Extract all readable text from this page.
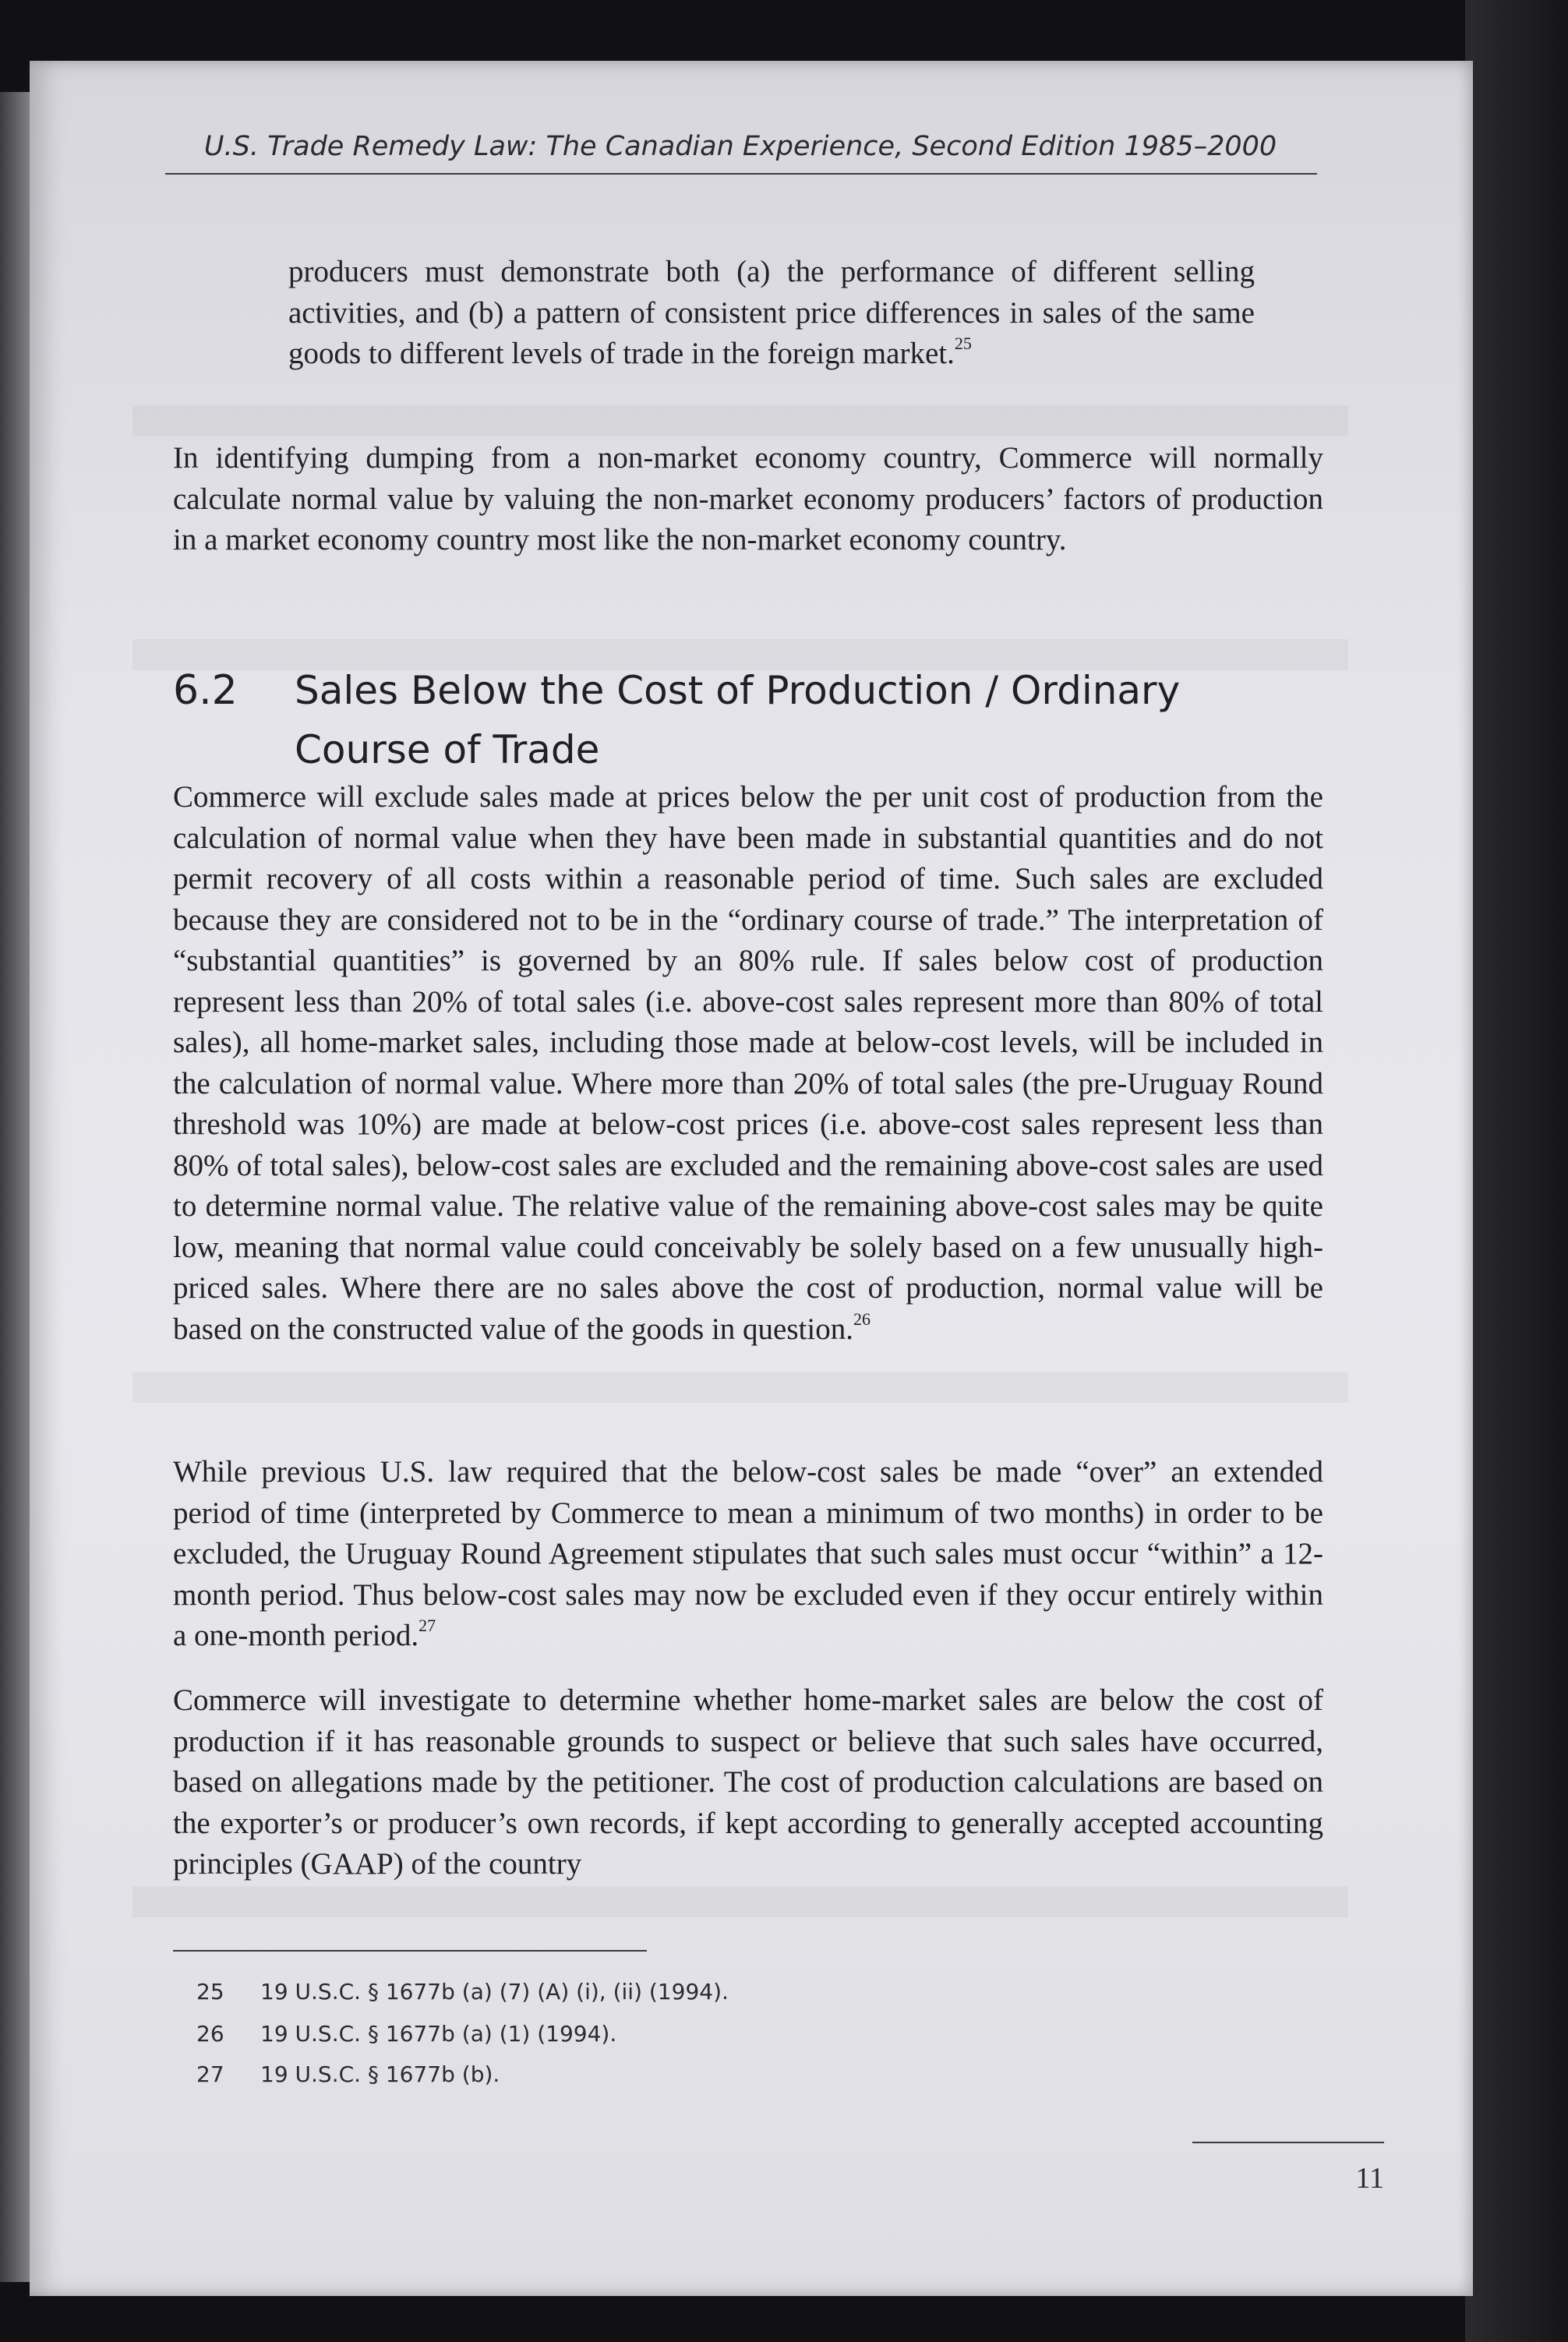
U.S. Trade Remedy Law: The Canadian Experience, Second Edition 1985–2000

producers must demonstrate both (a) the performance of different selling activities, and (b) a pattern of consistent price differences in sales of the same goods to different levels of trade in the foreign market.$^{25}$

In identifying dumping from a non-market economy country, Commerce will normally calculate normal value by valuing the non-market economy producers’ factors of production in a market economy country most like the non-market economy country.

6.2	Sales Below the Cost of Production / Ordinary Course of Trade

Commerce will exclude sales made at prices below the per unit cost of production from the calculation of normal value when they have been made in substantial quantities and do not permit recovery of all costs within a reasonable period of time. Such sales are excluded because they are considered not to be in the “ordinary course of trade.” The interpretation of “substantial quantities” is governed by an 80% rule. If sales below cost of production represent less than 20% of total sales (i.e. above-cost sales represent more than 80% of total sales), all home-market sales, including those made at below-cost levels, will be included in the calculation of normal value. Where more than 20% of total sales (the pre-Uruguay Round threshold was 10%) are made at below-cost prices (i.e. above-cost sales represent less than 80% of total sales), below-cost sales are excluded and the remaining above-cost sales are used to determine normal value. The relative value of the remaining above-cost sales may be quite low, meaning that normal value could conceivably be solely based on a few unusually high-priced sales. Where there are no sales above the cost of production, normal value will be based on the constructed value of the goods in question.$^{26}$

While previous U.S. law required that the below-cost sales be made “over” an extended period of time (interpreted by Commerce to mean a minimum of two months) in order to be excluded, the Uruguay Round Agreement stipulates that such sales must occur “within” a 12-month period. Thus below-cost sales may now be excluded even if they occur entirely within a one-month period.$^{27}$

Commerce will investigate to determine whether home-market sales are below the cost of production if it has reasonable grounds to suspect or believe that such sales have occurred, based on allegations made by the petitioner. The cost of production calculations are based on the exporter’s or producer’s own records, if kept according to generally accepted accounting principles (GAAP) of the country

25 19 U.S.C. § 1677b (a) (7) (A) (i), (ii) (1994).
26 19 U.S.C. § 1677b (a) (1) (1994).
27 19 U.S.C. § 1677b (b).
11
